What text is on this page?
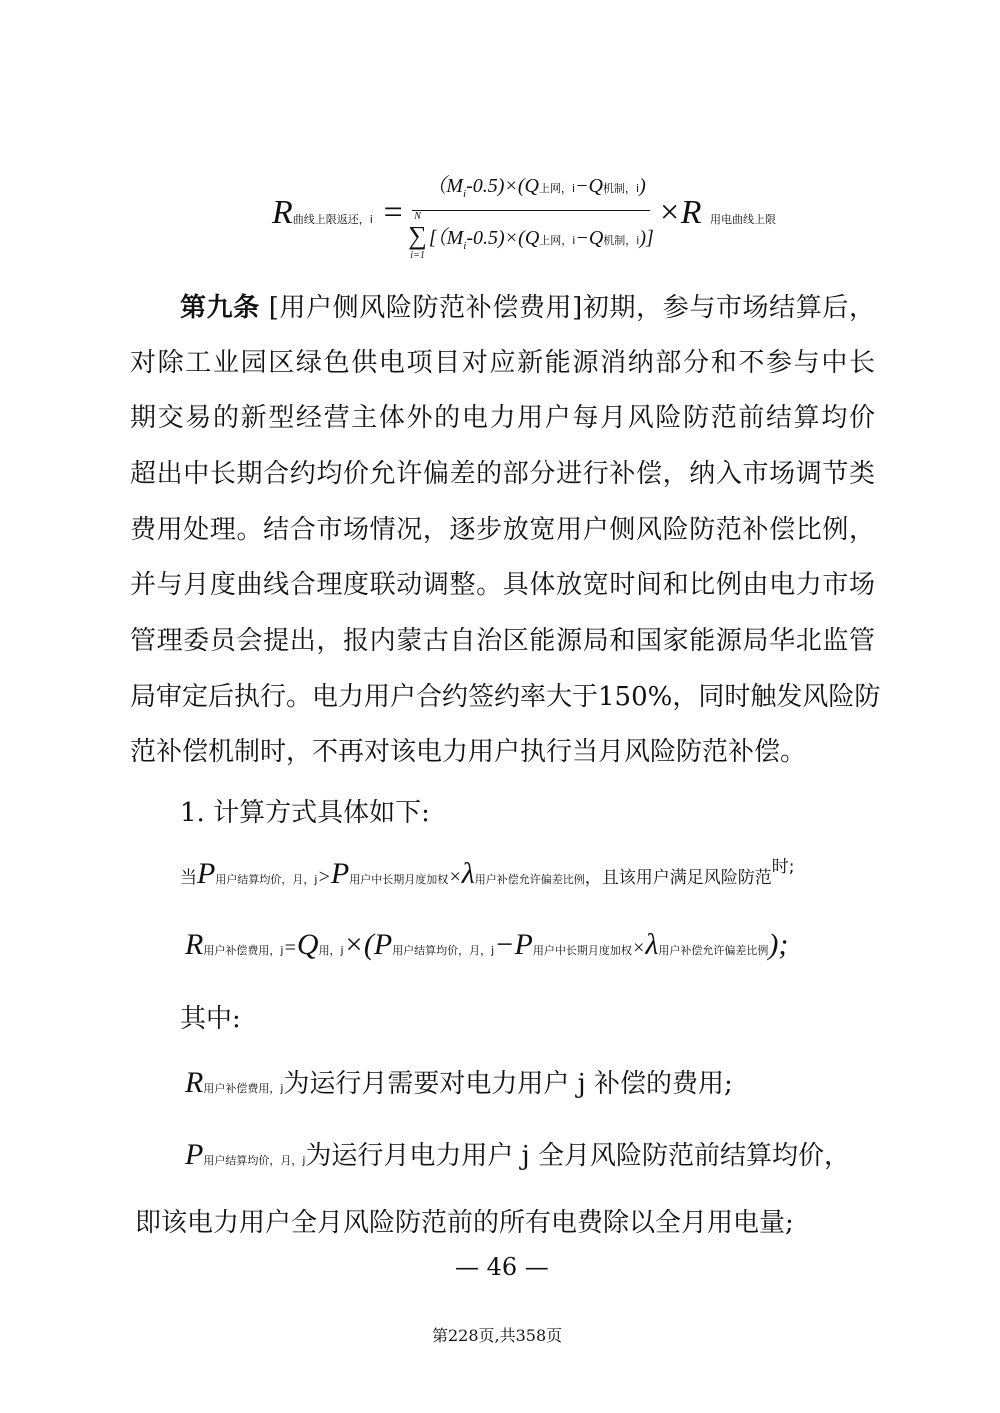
R曲线上限返还，i =
$(M_i-0.5)\times(Q$上网，i−Q机制，i)
N
∑
i=1
[$(M_i-0.5)\times(Q$上网，i−Q机制，i)]
×R 用电曲线上限
第九条 [用户侧风险防范补偿费用]初期，参与市场结算后，
对除工业园区绿色供电项目对应新能源消纳部分和不参与中长
期交易的新型经营主体外的电力用户每月风险防范前结算均价
超出中长期合约均价允许偏差的部分进行补偿，纳入市场调节类
费用处理。结合市场情况，逐步放宽用户侧风险防范补偿比例，
并与月度曲线合理度联动调整。具体放宽时间和比例由电力市场
管理委员会提出，报内蒙古自治区能源局和国家能源局华北监管
局审定后执行。电力用户合约签约率大于150%，同时触发风险防
范补偿机制时，不再对该电力用户执行当月风险防范补偿。
1. 计算方式具体如下:
当P用户结算均价，月，j>P用户中长期月度加权×λ用户补偿允许偏差比例，且该用户满足风险防范$^{时;}$
R用户补偿费用，j=Q用，j×(P用户结算均价，月，j−P用户中长期月度加权×λ用户补偿允许偏差比例);
其中:
R用户补偿费用，j为运行月需要对电力用户 j 补偿的费用;
P用户结算均价，月，j为运行月电力用户 j 全月风险防范前结算均价，
即该电力用户全月风险防范前的所有电费除以全月用电量;
— 46 —
第228页,共358页
